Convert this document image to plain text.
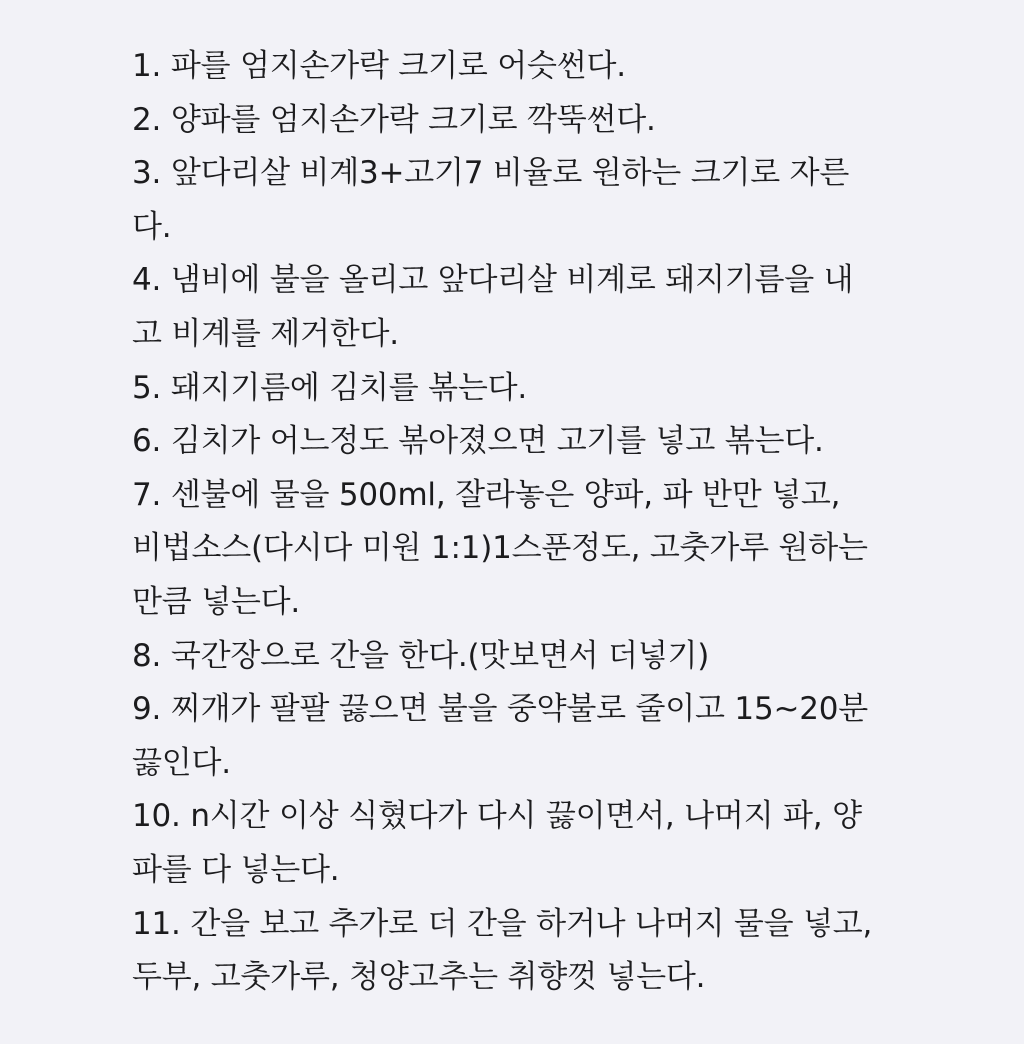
1. 파를 엄지손가락 크기로 어슷썬다.
2. 양파를 엄지손가락 크기로 깍뚝썬다.
3. 앞다리살 비계3+고기7 비율로 원하는 크기로 자른
다.
4. 냄비에 불을 올리고 앞다리살 비계로 돼지기름을 내
고 비계를 제거한다.
5. 돼지기름에 김치를 볶는다.
6. 김치가 어느정도 볶아졌으면 고기를 넣고 볶는다.
7. 센불에 물을 500ml, 잘라놓은 양파, 파 반만 넣고,
비법소스(다시다 미원 1:1)1스푼정도, 고춧가루 원하는
만큼 넣는다.
8. 국간장으로 간을 한다.(맛보면서 더넣기)
9. 찌개가 팔팔 끓으면 불을 중약불로 줄이고 15~20분
끓인다.
10. n시간 이상 식혔다가 다시 끓이면서, 나머지 파, 양
파를 다 넣는다.
11. 간을 보고 추가로 더 간을 하거나 나머지 물을 넣고,
두부, 고춧가루, 청양고추는 취향껏 넣는다.
